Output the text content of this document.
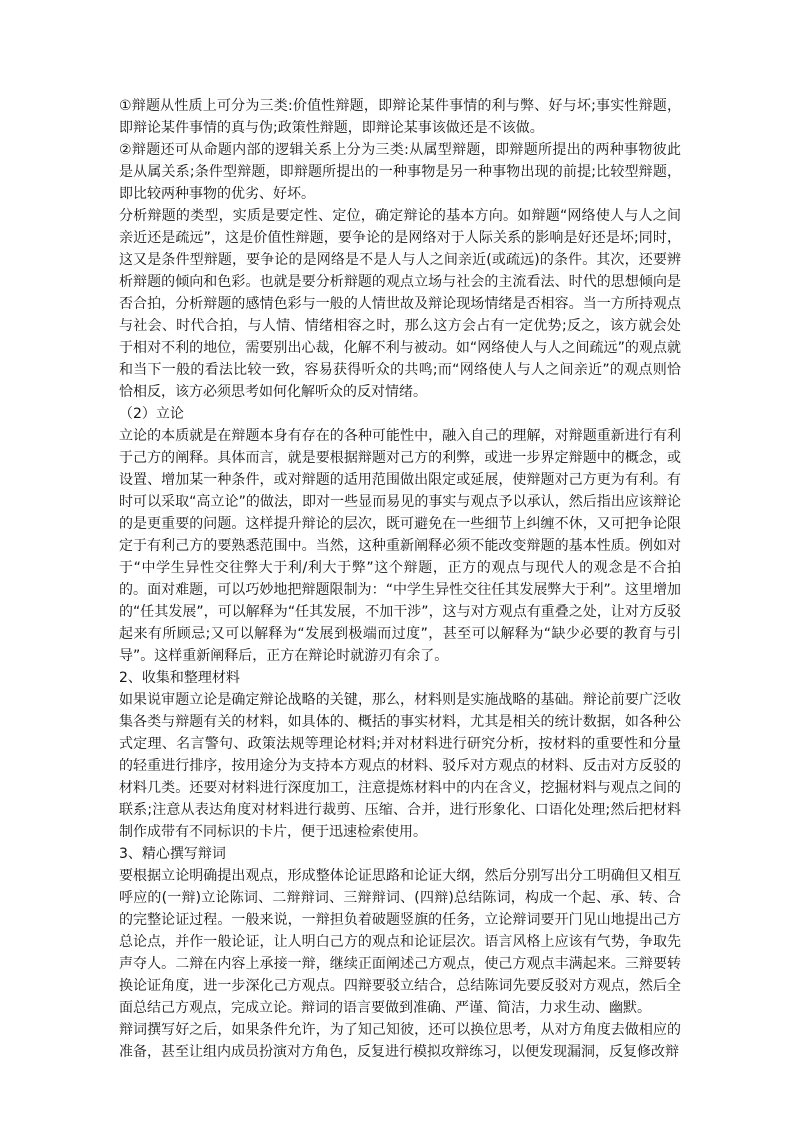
①辩题从性质上可分为三类:价值性辩题，即辩论某件事情的利与弊、好与坏;事实性辩题，即辩论某件事情的真与伪;政策性辩题，即辩论某事该做还是不该做。

②辩题还可从命题内部的逻辑关系上分为三类:从属型辩题，即辩题所提出的两种事物彼此是从属关系;条件型辩题，即辩题所提出的一种事物是另一种事物出现的前提;比较型辩题，即比较两种事物的优劣、好坏。

分析辩题的类型，实质是要定性、定位，确定辩论的基本方向。如辩题“网络使人与人之间亲近还是疏远”，这是价值性辩题，要争论的是网络对于人际关系的影响是好还是坏;同时，这又是条件型辩题，要争论的是网络是不是人与人之间亲近(或疏远)的条件。其次，还要辨析辩题的倾向和色彩。也就是要分析辩题的观点立场与社会的主流看法、时代的思想倾向是否合拍，分析辩题的感情色彩与一般的人情世故及辩论现场情绪是否相容。当一方所持观点与社会、时代合拍，与人情、情绪相容之时，那么这方会占有一定优势;反之，该方就会处于相对不利的地位，需要别出心裁，化解不利与被动。如“网络使人与人之间疏远”的观点就和当下一般的看法比较一致，容易获得听众的共鸣;而“网络使人与人之间亲近”的观点则恰恰相反，该方必须思考如何化解听众的反对情绪。

（2）立论

立论的本质就是在辩题本身有存在的各种可能性中，融入自己的理解，对辩题重新进行有利于己方的阐释。具体而言，就是要根据辩题对己方的利弊，或进一步界定辩题中的概念，或设置、增加某一种条件，或对辩题的适用范围做出限定或延展，使辩题对己方更为有利。有时可以采取“高立论”的做法，即对一些显而易见的事实与观点予以承认，然后指出应该辩论的是更重要的问题。这样提升辩论的层次，既可避免在一些细节上纠缠不休，又可把争论限定于有利己方的要熟悉范围中。当然，这种重新阐释必须不能改变辩题的基本性质。例如对于“中学生异性交往弊大于利/利大于弊”这个辩题，正方的观点与现代人的观念是不合拍的。面对难题，可以巧妙地把辩题限制为：“中学生异性交往任其发展弊大于利”。这里增加的“任其发展”，可以解释为“任其发展，不加干涉”，这与对方观点有重叠之处，让对方反驳起来有所顾忌;又可以解释为“发展到极端而过度”，甚至可以解释为“缺少必要的教育与引导”。这样重新阐释后，正方在辩论时就游刃有余了。

2、收集和整理材料

如果说审题立论是确定辩论战略的关键，那么，材料则是实施战略的基础。辩论前要广泛收集各类与辩题有关的材料，如具体的、概括的事实材料，尤其是相关的统计数据，如各种公式定理、名言警句、政策法规等理论材料;并对材料进行研究分析，按材料的重要性和分量的轻重进行排序，按用途分为支持本方观点的材料、驳斥对方观点的材料、反击对方反驳的材料几类。还要对材料进行深度加工，注意提炼材料中的内在含义，挖掘材料与观点之间的联系;注意从表达角度对材料进行裁剪、压缩、合并，进行形象化、口语化处理;然后把材料制作成带有不同标识的卡片，便于迅速检索使用。

3、精心撰写辩词

要根据立论明确提出观点，形成整体论证思路和论证大纲，然后分别写出分工明确但又相互呼应的(一辩)立论陈词、二辩辩词、三辩辩词、(四辩)总结陈词，构成一个起、承、转、合的完整论证过程。一般来说，一辩担负着破题竖旗的任务，立论辩词要开门见山地提出己方总论点，并作一般论证，让人明白己方的观点和论证层次。语言风格上应该有气势，争取先声夺人。二辩在内容上承接一辩，继续正面阐述己方观点，使己方观点丰满起来。三辩要转换论证角度，进一步深化己方观点。四辩要驳立结合，总结陈词先要反驳对方观点，然后全面总结己方观点，完成立论。辩词的语言要做到准确、严谨、简洁，力求生动、幽默。

辩词撰写好之后，如果条件允许，为了知己知彼，还可以换位思考，从对方角度去做相应的准备，甚至让组内成员扮演对方角色，反复进行模拟攻辩练习，以便发现漏洞，反复修改辩
